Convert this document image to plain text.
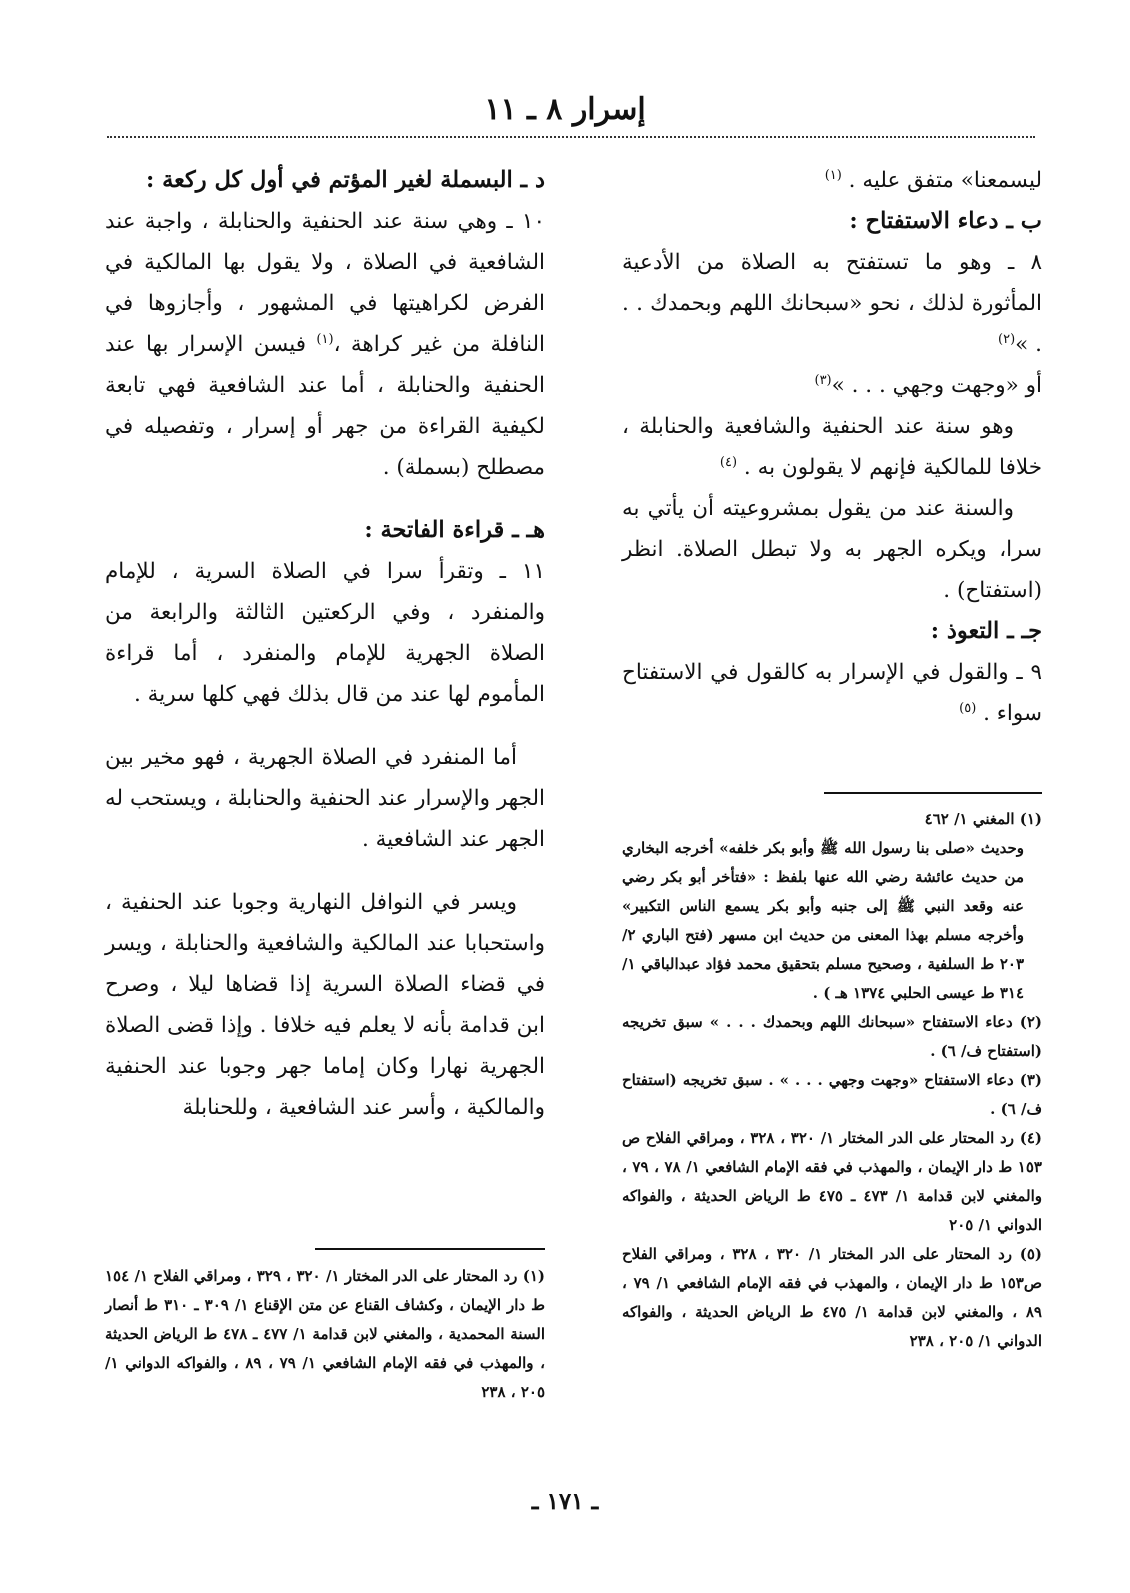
إسرار ٨ ـ ١١

ليسمعنا» متفق عليه . $^{(١)}$

ب ـ دعاء الاستفتاح :

٨ ـ وهو ما تستفتح به الصلاة من الأدعية المأثورة لذلك ، نحو «سبحانك اللهم وبحمدك . . . »$^{(٢)}$

أو «وجهت وجهي . . . »$^{(٣)}$

وهو سنة عند الحنفية والشافعية والحنابلة ، خلافا للمالكية فإنهم لا يقولون به . $^{(٤)}$

والسنة عند من يقول بمشروعيته أن يأتي به سرا، ويكره الجهر به ولا تبطل الصلاة. انظر (استفتاح) .

جـ ـ التعوذ :

٩ ـ والقول في الإسرار به كالقول في الاستفتاح سواء . $^{(٥)}$

(١) المغني ١/ ٤٦٢

وحديث «صلى بنا رسول الله ﷺ وأبو بكر خلفه» أخرجه البخاري من حديث عائشة رضي الله عنها بلفظ : «فتأخر أبو بكر رضي عنه وقعد النبي ﷺ إلى جنبه وأبو بكر يسمع الناس التكبير» وأخرجه مسلم بهذا المعنى من حديث ابن مسهر (فتح الباري ٢/ ٢٠٣ ط السلفية ، وصحيح مسلم بتحقيق محمد فؤاد عبدالباقي ١/ ٣١٤ ط عيسى الحلبي ١٣٧٤ هـ ) .

(٢) دعاء الاستفتاح «سبحانك اللهم وبحمدك . . . » سبق تخريجه (استفتاح ف/ ٦) .

(٣) دعاء الاستفتاح «وجهت وجهي . . . » . سبق تخريجه (استفتاح ف/ ٦) .

(٤) رد المحتار على الدر المختار ١/ ٣٢٠ ، ٣٢٨ ، ومراقي الفلاح ص ١٥٣ ط دار الإيمان ، والمهذب في فقه الإمام الشافعي ١/ ٧٨ ، ٧٩ ، والمغني لابن قدامة ١/ ٤٧٣ ـ ٤٧٥ ط الرياض الحديثة ، والفواكه الدواني ١/ ٢٠٥

(٥) رد المحتار على الدر المختار ١/ ٣٢٠ ، ٣٢٨ ، ومراقي الفلاح ص١٥٣ ط دار الإيمان ، والمهذب في فقه الإمام الشافعي ١/ ٧٩ ، ٨٩ ، والمغني لابن قدامة ١/ ٤٧٥ ط الرياض الحديثة ، والفواكه الدواني ١/ ٢٠٥ ، ٢٣٨

د ـ البسملة لغير المؤتم في أول كل ركعة :

١٠ ـ وهي سنة عند الحنفية والحنابلة ، واجبة عند الشافعية في الصلاة ، ولا يقول بها المالكية في الفرض لكراهيتها في المشهور ، وأجازوها في النافلة من غير كراهة ،$^{(١)}$ فيسن الإسرار بها عند الحنفية والحنابلة ، أما عند الشافعية فهي تابعة لكيفية القراءة من جهر أو إسرار ، وتفصيله في مصطلح (بسملة) .

هـ ـ قراءة الفاتحة :

١١ ـ وتقرأ سرا في الصلاة السرية ، للإمام والمنفرد ، وفي الركعتين الثالثة والرابعة من الصلاة الجهرية للإمام والمنفرد ، أما قراءة المأموم لها عند من قال بذلك فهي كلها سرية .

أما المنفرد في الصلاة الجهرية ، فهو مخير بين الجهر والإسرار عند الحنفية والحنابلة ، ويستحب له الجهر عند الشافعية .

ويسر في النوافل النهارية وجوبا عند الحنفية ، واستحبابا عند المالكية والشافعية والحنابلة ، ويسر في قضاء الصلاة السرية إذا قضاها ليلا ، وصرح ابن قدامة بأنه لا يعلم فيه خلافا . وإذا قضى الصلاة الجهرية نهارا وكان إماما جهر وجوبا عند الحنفية والمالكية ، وأسر عند الشافعية ، وللحنابلة

(١) رد المحتار على الدر المختار ١/ ٣٢٠ ، ٣٢٩ ، ومراقي الفلاح ١/ ١٥٤ ط دار الإيمان ، وكشاف القناع عن متن الإقناع ١/ ٣٠٩ ـ ٣١٠ ط أنصار السنة المحمدية ، والمغني لابن قدامة ١/ ٤٧٧ ـ ٤٧٨ ط الرياض الحديثة ، والمهذب في فقه الإمام الشافعي ١/ ٧٩ ، ٨٩ ، والفواكه الدواني ١/ ٢٠٥ ، ٢٣٨

ـ ١٧١ ـ
